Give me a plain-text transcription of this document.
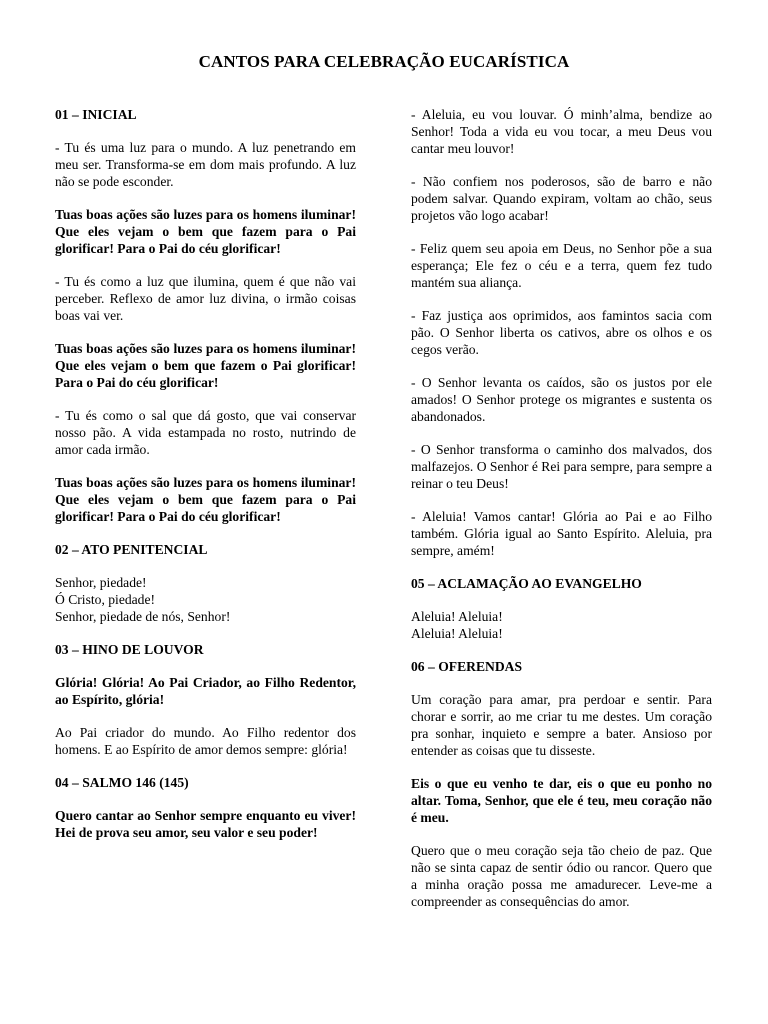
CANTOS PARA CELEBRAÇÃO EUCARÍSTICA
01 – INICIAL

- Tu és uma luz para o mundo. A luz penetrando em meu ser. Transforma-se em dom mais profundo. A luz não se pode esconder.

Tuas boas ações são luzes para os homens iluminar! Que eles vejam o bem que fazem para o Pai glorificar! Para o Pai do céu glorificar!

- Tu és como a luz que ilumina, quem é que não vai perceber. Reflexo de amor luz divina, o irmão coisas boas vai ver.

Tuas boas ações são luzes para os homens iluminar! Que eles vejam o bem que fazem o Pai glorificar! Para o Pai do céu glorificar!

- Tu és como o sal que dá gosto, que vai conservar nosso pão. A vida estampada no rosto, nutrindo de amor cada irmão.

Tuas boas ações são luzes para os homens iluminar! Que eles vejam o bem que fazem para o Pai glorificar! Para o Pai do céu glorificar!

02 – ATO PENITENCIAL

Senhor, piedade!
Ó Cristo, piedade!
Senhor, piedade de nós, Senhor!

03 – HINO DE LOUVOR

Glória! Glória! Ao Pai Criador, ao Filho Redentor, ao Espírito, glória!

Ao Pai criador do mundo. Ao Filho redentor dos homens. E ao Espírito de amor demos sempre: glória!

04 – SALMO 146 (145)

Quero cantar ao Senhor sempre enquanto eu viver! Hei de prova seu amor, seu valor e seu poder!

- Aleluia, eu vou louvar. Ó minh’alma, bendize ao Senhor! Toda a vida eu vou tocar, a meu Deus vou cantar meu louvor!

- Não confiem nos poderosos, são de barro e não podem salvar. Quando expiram, voltam ao chão, seus projetos vão logo acabar!

- Feliz quem seu apoia em Deus, no Senhor põe a sua esperança; Ele fez o céu e a terra, quem fez tudo mantém sua aliança.

- Faz justiça aos oprimidos, aos famintos sacia com pão. O Senhor liberta os cativos, abre os olhos e os cegos verão.

- O Senhor levanta os caídos, são os justos por ele amados! O Senhor protege os migrantes e sustenta os abandonados.

- O Senhor transforma o caminho dos malvados, dos malfazejos. O Senhor é Rei para sempre, para sempre a reinar o teu Deus!

- Aleluia! Vamos cantar! Glória ao Pai e ao Filho também. Glória igual ao Santo Espírito. Aleluia, pra sempre, amém!

05 – ACLAMAÇÃO AO EVANGELHO

Aleluia! Aleluia!
Aleluia! Aleluia!

06 – OFERENDAS

Um coração para amar, pra perdoar e sentir. Para chorar e sorrir, ao me criar tu me destes. Um coração pra sonhar, inquieto e sempre a bater. Ansioso por entender as coisas que tu disseste.

Eis o que eu venho te dar, eis o que eu ponho no altar. Toma, Senhor, que ele é teu, meu coração não é meu.

Quero que o meu coração seja tão cheio de paz. Que não se sinta capaz de sentir ódio ou rancor. Quero que a minha oração possa me amadurecer. Leve-me a compreender as consequências do amor.
